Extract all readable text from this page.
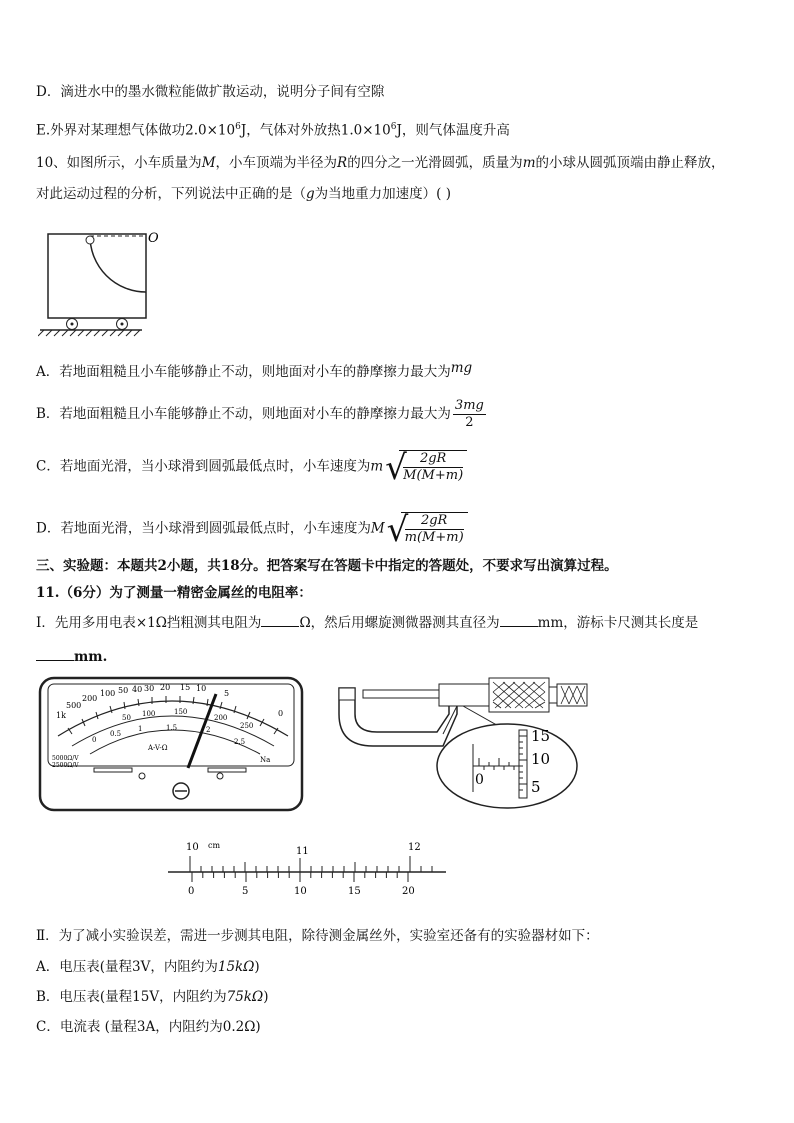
D．滴进水中的墨水微粒能做扩散运动，说明分子间有空隙
E.外界对某理想气体做功$2.0\times 10^6J$，气体对外放热$1.0\times 10^6J$，则气体温度升高
10、如图所示，小车质量为M，小车顶端为半径为R的四分之一光滑圆弧，质量为m的小球从圆弧顶端由静止释放，
对此运动过程的分析，下列说法中正确的是（g为当地重力加速度）( )
O
A．若地面粗糙且小车能够静止不动，则地面对小车的静摩擦力最大为mg
B．若地面粗糙且小车能够静止不动，则地面对小车的静摩擦力最大为 $\frac{3mg}{2}$
C．若地面光滑，当小球滑到圆弧最低点时，小车速度为m √
$\frac{2gR}{M(M+m)}$
D．若地面光滑，当小球滑到圆弧最低点时，小车速度为M √
$\frac{2gR}{m(M+m)}$
三、实验题：本题共2小题，共18分。把答案写在答题卡中指定的答题处，不要求写出演算过程。
11.（6分）为了测量一精密金属丝的电阻率：
Ⅰ．先用多用电表×1Ω挡粗测其电阻为	Ω，然后用螺旋测微器测其直径为	mm，游标卡尺测其长度是
mm.
1k
500
200
100 50 40 30 20 15 10
5
0
50 100	150
200
250
0
0.5
1	1.5	2
2.5
A-V-Ω
5000Ω/V
2500Ω/V
Na
0
15
10
5
10 cm
11	12
0	5	10	15	20
Ⅱ．为了减小实验误差，需进一步测其电阻，除待测金属丝外，实验室还备有的实验器材如下：
A．电压表(量程3V，内阻约为15kΩ)
B．电压表(量程15V，内阻约为75kΩ)
C．电流表 (量程3A，内阻约为0.2Ω)
